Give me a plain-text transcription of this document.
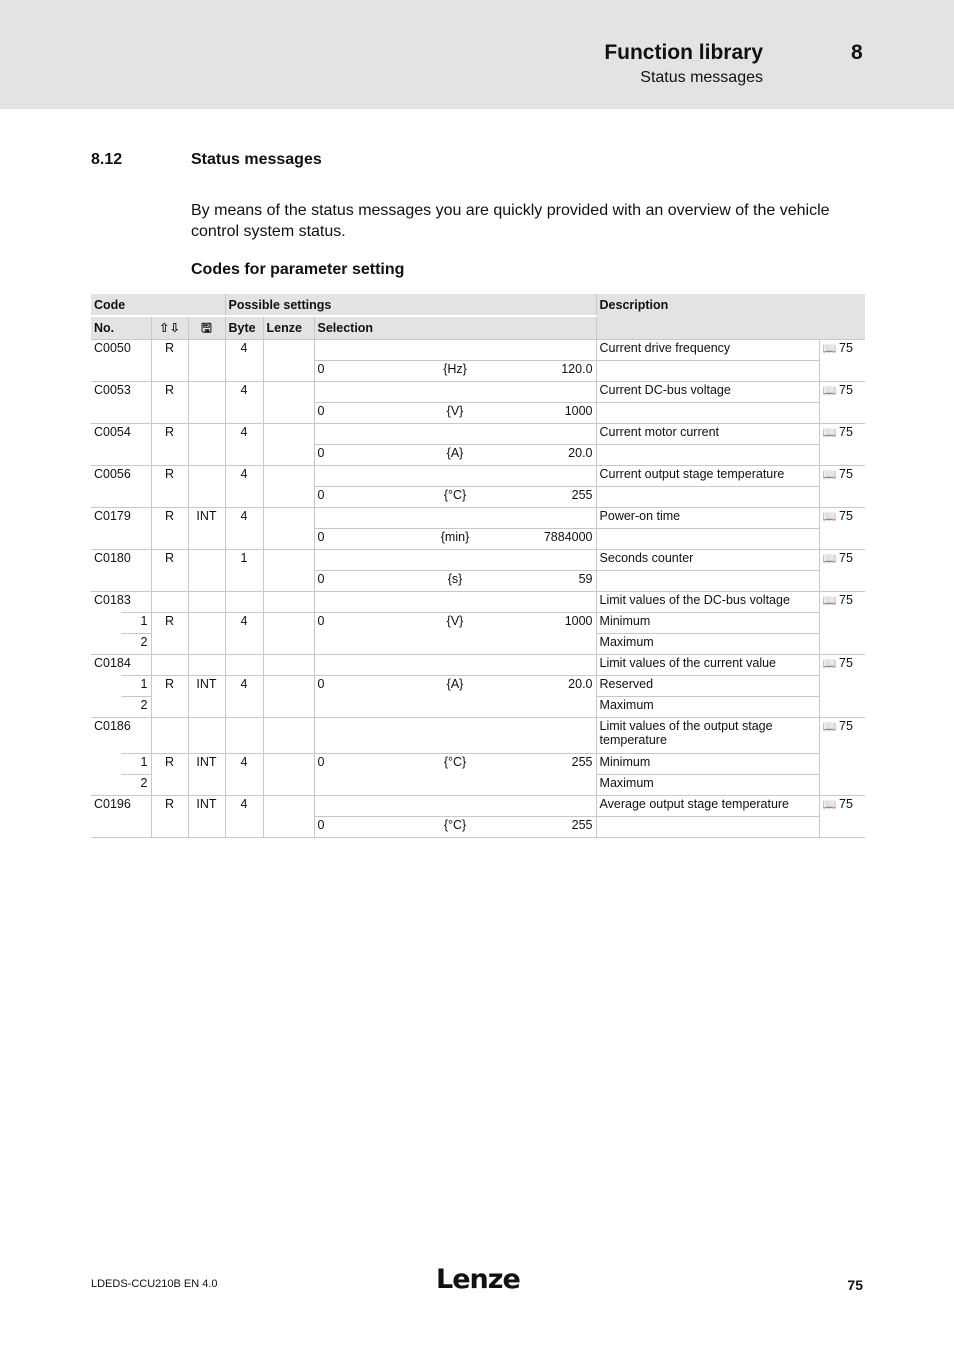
Function library
Status messages
8
8.12	Status messages
By means of the status messages you are quickly provided with an overview of the vehicle control system status.
Codes for parameter setting
Code				Possible settings			Description	
No.		⇧⇩	🖫	Byte	Lenze	Selection		
C0050		R		4			Current drive frequency	📖 75

						0 {Hz} 120.0		

C0053		R		4			Current DC-bus voltage	📖 75

						0 {V} 1000		

C0054		R		4			Current motor current	📖 75

						0 {A} 20.0		

C0056		R		4			Current output stage temperature	📖 75

						0 {°C} 255		

C0179		R	INT	4			Power-on time	📖 75

						0 {min} 7884000		

C0180		R		1			Seconds counter	📖 75

						0 {s} 59		

C0183							Limit values of the DC-bus voltage	📖 75
	1	R		4		0 {V} 1000	Minimum	
	2						Maximum	
C0184							Limit values of the current value	📖 75
	1	R	INT	4		0 {A} 20.0	Reserved	
	2						Maximum	
C0186							Limit values of the output stage temperature	📖 75
	1	R	INT	4		0 {°C} 255	Minimum	
	2						Maximum	
C0196		R	INT	4			Average output stage temperature	📖 75

						0 {°C} 255		

LDEDS-CCU210B EN 4.0	Lenze	75
